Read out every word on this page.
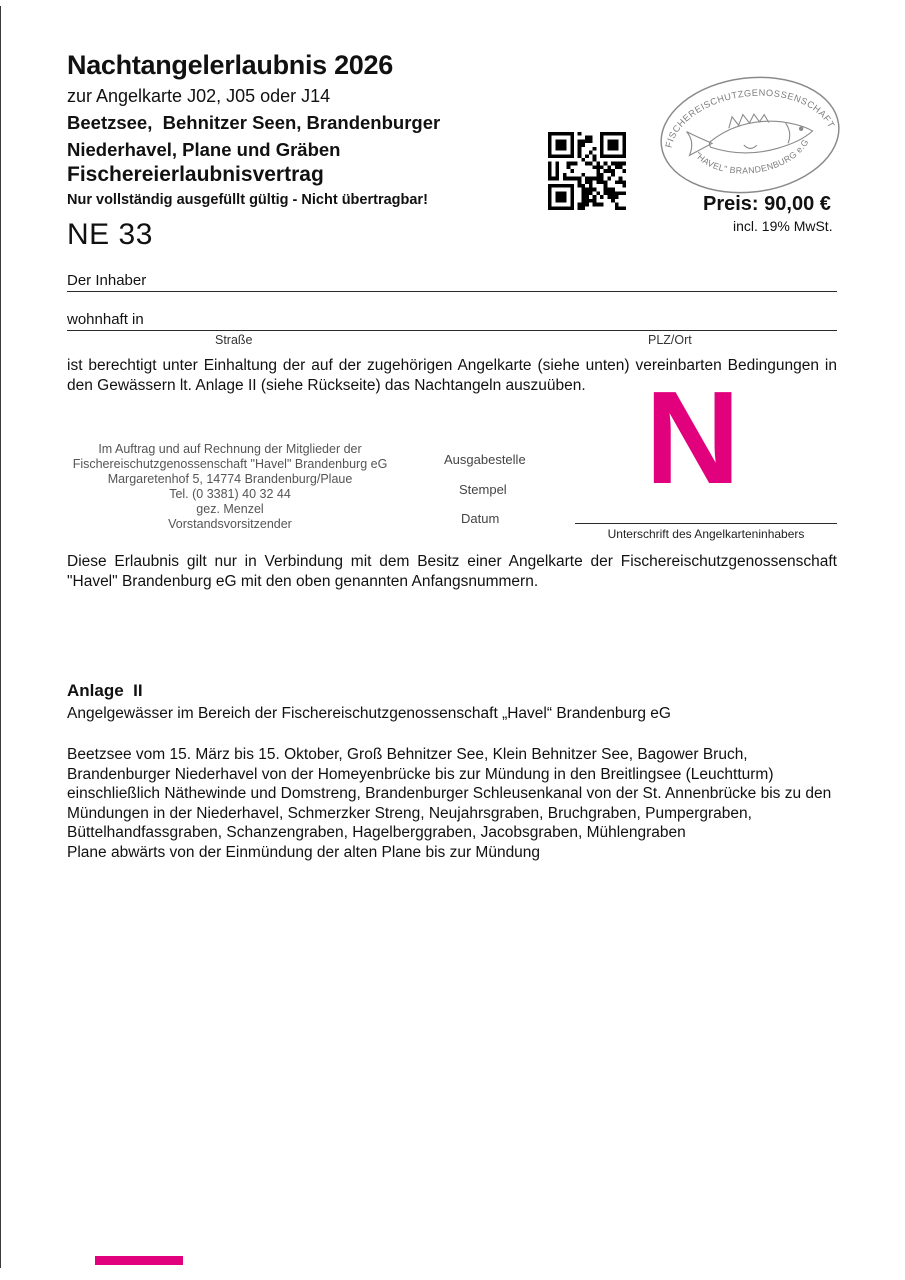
Nachtangelerlaubnis 2026
zur Angelkarte J02, J05 oder J14
Beetzsee,  Behnitzer Seen, Brandenburger
Niederhavel, Plane und Gräben
Fischereierlaubnisvertrag
Nur vollständig ausgefüllt gültig - Nicht übertragbar!
NE 33
FISCHEREISCHUTZGENOSSENSCHAFT
"HAVEL" BRANDENBURG e.G
Preis: 90,00 €
incl. 19% MwSt.
Der Inhaber
wohnhaft in
Straße	PLZ/Ort
ist berechtigt unter Einhaltung der auf der zugehörigen Angelkarte (siehe unten) vereinbarten Bedingungen in den Gewässern lt. Anlage II (siehe Rückseite) das Nachtangeln auszuüben.
Im Auftrag und auf Rechnung der Mitglieder der
Fischereischutzgenossenschaft "Havel" Brandenburg eG
Margaretenhof 5, 14774 Brandenburg/Plaue
Tel. (0 3381) 40 32 44
gez. Menzel
Vorstandsvorsitzender
Ausgabestelle
Stempel
Datum
N
Unterschrift des Angelkarteninhabers
Diese Erlaubnis gilt nur in Verbindung mit dem Besitz einer Angelkarte der Fischereischutzgenossenschaft "Havel" Brandenburg eG mit den oben genannten Anfangsnummern.
Anlage  II
Angelgewässer im Bereich der Fischereischutzgenossenschaft „Havel“ Brandenburg eG

Beetzsee vom 15. März bis 15. Oktober, Groß Behnitzer See, Klein Behnitzer See, Bagower Bruch, Brandenburger Niederhavel von der Homeyenbrücke bis zur Mündung in den Breitlingsee (Leuchtturm) einschließlich Näthewinde und Domstreng, Brandenburger Schleusenkanal von der St. Annenbrücke bis zu den Mündungen in der Niederhavel, Schmerzker Streng, Neujahrsgraben, Bruchgraben, Pumpergraben, Büttelhandfassgraben, Schanzengraben, Hagelberggraben, Jacobsgraben, Mühlengraben

Plane abwärts von der Einmündung der alten Plane bis zur Mündung
